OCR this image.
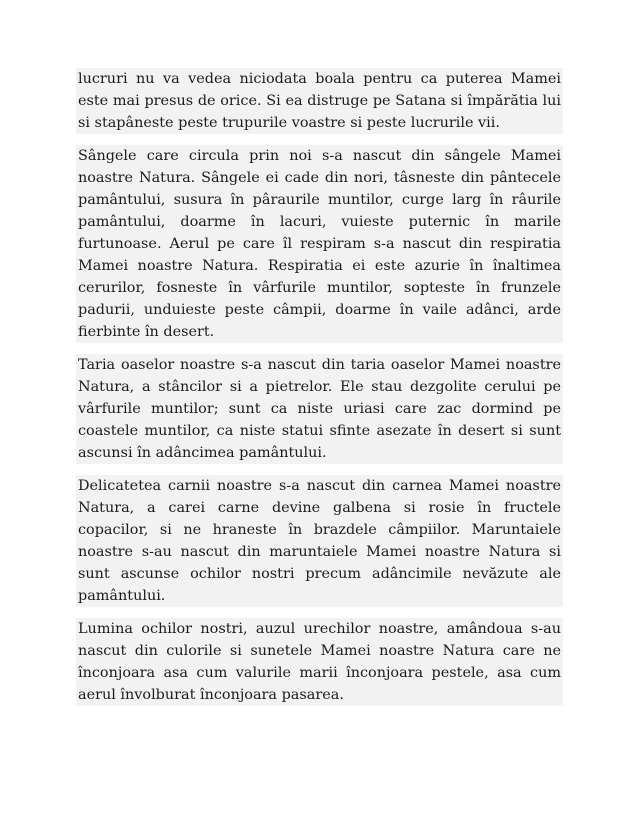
lucruri nu va vedea niciodata boala pentru ca puterea Mamei este mai presus de orice. Si ea distruge pe Satana si împărătia lui si stapâneste peste trupurile voastre si peste lucrurile vii.

Sângele care circula prin noi s-a nascut din sângele Mamei noastre Natura. Sângele ei cade din nori, tâsneste din pântecele pamântului, susura în pâraurile muntilor, curge larg în râurile pamântului, doarme în lacuri, vuieste puternic în marile furtunoase. Aerul pe care îl respiram s-a nascut din respiratia Mamei noastre Natura. Respiratia ei este azurie în înaltimea cerurilor, fosneste în vârfurile muntilor, sopteste în frunzele padurii, unduieste peste câmpii, doarme în vaile adânci, arde fierbinte în desert.

Taria oaselor noastre s-a nascut din taria oaselor Mamei noastre Natura, a stâncilor si a pietrelor. Ele stau dezgolite cerului pe vârfurile muntilor; sunt ca niste uriasi care zac dormind pe coastele muntilor, ca niste statui sfinte asezate în desert si sunt ascunsi în adâncimea pamântului.

Delicatetea carnii noastre s-a nascut din carnea Mamei noastre Natura, a carei carne devine galbena si rosie în fructele copacilor, si ne hraneste în brazdele câmpiilor. Maruntaiele noastre s-au nascut din maruntaiele Mamei noastre Natura si sunt ascunse ochilor nostri precum adâncimile nevăzute ale pamântului.

Lumina ochilor nostri, auzul urechilor noastre, amândoua s-au nascut din culorile si sunetele Mamei noastre Natura care ne înconjoara asa cum valurile marii înconjoara pestele, asa cum aerul învolburat înconjoara pasarea.
